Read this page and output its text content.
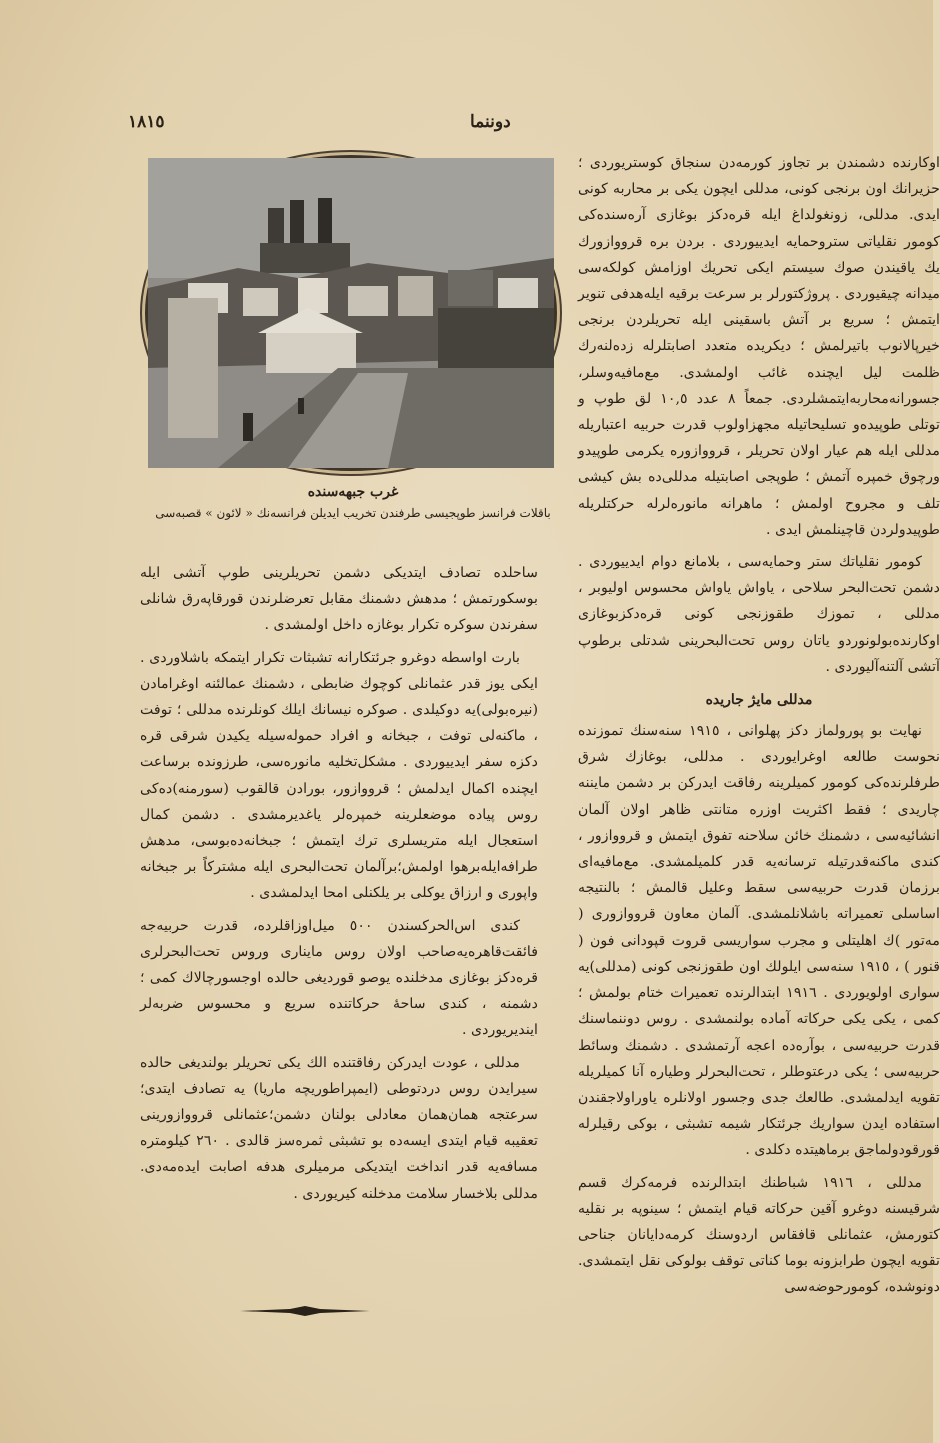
١٨١٥	دوننما
غرب جبهه‌سنده
باقلات فرانسز طوپجیسی طرفندن تخریب ایدیلن فرانسه‌نك « لائون » قصبه‌سی

اوكارنده دشمندن بر تجاوز كورمه‌دن سنجاق كوستریوردی ؛ حزیرانك اون برنجی كونی، مدللی ایچون یكی بر محاربه كونی ایدی. مدللی، زونغولداغ ایله قره‌دكز بوغازی آره‌سنده‌كی كومور نقلیاتی ستروحمایه ایدییوردی . بردن بره قرووازورك یك یاقیندن صوك سیستم ایكی تحریك اوزامش كولكه‌سی میدانه چیقیوردی . پروژكتورلر بر سرعت برقیه ایله‌هدفی تنویر ایتمش ؛ سریع بر آتش باسقینی ایله تحریلردن برنجی خیرپالانوب باتیرلمش ؛ دیكریده متعدد اصابتلرله زده‌لنه‌رك ظلمت لیل ایچنده غائب اولمشدی. مع‌مافیه‌وسلر، جسورانه‌محاربه‌ایتمشلردی. جمعاً ٨ عدد ١٠,٥ لق طوپ و توتلی طوپیده‌و تسلیحاتیله مجهزاولوب قدرت حربیه اعتباریله مدللی ایله هم عیار اولان تحریلر ، قرووازوره یكرمی طوپیدو ورچوق خمپره آتمش ؛ طوپجی اصابتیله مدللی‌ده بش كیشی تلف و مجروح اولمش ؛ ماهرانه مانوره‌لرله حركتلریله طوپیدولردن قاچینلمش ایدی .

كومور نقلیاتك ستر وحمایه‌سی ، بلامانع دوام ایدییوردی . دشمن تحت‌البحر سلاحی ، یاواش یاواش محسوس اولیوبر ، مدللی ، تموزك طقوزنجی كونی قره‌دكزبوغازی اوكارنده‌بولونوردو یاتان روس تحت‌البحرینی شدتلی برطوپ آتشی آلتنه‌آلیوردی .

مدللی مایژ جاریده

نهایت بو پورولماز دكز پهلوانی ، ١٩١٥ سنه‌سنك تموزنده نحوست طالعه اوغرایوردی . مدللی، بوغازك شرق طرفلرنده‌كی كومور كمیلرینه رفاقت ایدركن بر دشمن مایننه چاریدی ؛ فقط اكثریت اوزره متانتی ظاهر اولان آلمان انشائیه‌سی ، دشمنك خائن سلاحنه تفوق ایتمش و قرووازور ، كندی ماكنه‌قدرتیله ترسانه‌یه قدر كلمیلمشدی. مع‌مافیه‌ای برزمان قدرت حربیه‌سی سقط وعلیل قالمش ؛ بالنتیجه اساسلی تعمیراته باشلانلمشدی. آلمان معاون قرووازوری ( مه‌تور )ك اهلیتلی و مجرب سواریسی قروت قپودانی فون ( قنور ) ، ١٩١٥ سنه‌سی ایلولك اون طقوزنجی كونی (مدللی)یه سواری اولویوردی . ١٩١٦ ابتدالرنده تعمیرات ختام بولمش ؛ كمی ، یكی یكی حركاته آماده بولنمشدی . روس دوننماسنك قدرت حربیه‌سی ، بوآره‌ده اعجه آرتمشدی . دشمنك وسائط حربیه‌سی ؛ یكی درعتوطلر ، تحت‌البحرلر وطیاره آنا كمیلریله تقویه ایدلمشدی. طالعك جدی وجسور اولانلره یاوراولاجقندن استفاده ایدن سواریك جرئتكار شیمه تشبثی ، بوكی رقیلرله قورقودولماجق برماهیتده دكلدی .

مدللی ، ١٩١٦ شباطنك ابتدالرنده فرمه‌كرك قسم شرقیسنه دوغرو آقین حركاته قیام ایتمش ؛ سینوپه بر نقلیه كتورمش، عثمانلی قافقاس اردوسنك كرمه‌دایانان جناحی تقویه ایچون طرابزونه بوما كناتی توقف بولوكی نقل ایتمشدی. دونوشده، كومورحوضه‌سی

ساحلده تصادف ایتدیكی دشمن تحریلرینی طوپ آتشی ایله بوسكورتمش ؛ مدهش دشمنك مقابل تعرضلرندن قورقاپه‌رق شانلی سفرندن سوكره تكرار بوغازه داخل اولمشدی .

بارت اواسطه دوغرو جرئتكارانه تشبثات تكرار ایتمكه باشلاوردی . ایكی یوز قدر عثمانلی كوچوك ضابطی ، دشمنك عمالئنه اوغرامادن (نیره‌بولی)یه دوكیلدی . صوكره نیسانك ایلك كونلرنده مدللی ؛ توفت ، ماكنه‌لی توفت ، جبخانه و افراد حموله‌سیله یكیدن شرقی قره دكزه سفر ایدییوردی . مشكل‌تخلیه مانوره‌سی، طرزونده برساعت ایچنده اكمال ایدلمش ؛ قرووازور، بورادن قالقوب (سورمنه)ده‌كی روس پیاده موضعلرینه خمپره‌لر یاغدیرمشدی . دشمن كمال استعجال ایله متریسلری ترك ایتمش ؛ جبخانه‌ده‌بوسی، مدهش طرافه‌ایله‌برهوا اولمش؛برآلمان تحت‌البحری ایله مشتركاً بر جبخانه واپوری و ارزاق یوكلی بر یلكنلی امحا ایدلمشدی .

كندی اس‌الحركسندن ٥٠٠ میل‌اوزاقلرده، قدرت حربیه‌جه فائقت‌قاهره‌یه‌صاحب اولان روس مایناری وروس تحت‌البحرلری قره‌دكز بوغازی مدخلنده یوصو قوردیغی حالده اوجسورچالاك كمی ؛ دشمنه ، كندی ساحهٔ حركاتنده سریع و محسوس ضربه‌لر ایندیریوردی .

مدللی ، عودت ایدركن رفاقتنده الك یكی تحریلر بولندیغی حالده سیرایدن روس دردتوطی (ایمپراطوریچه ماریا) یه تصادف ایتدی؛سرعتجه همان‌همان معادلی بولنان دشمن؛عثمانلی قرووازورینی تعقیبه قیام ایتدی ایسه‌ده بو تشبثی ثمره‌سز قالدی . ٢٦٠ كیلومتره مسافه‌یه قدر انداخت ایتدیكی مرمیلری هدفه اصابت ایده‌مه‌دی. مدللی بلاخسار سلامت مدخلنه كیریوردی .
